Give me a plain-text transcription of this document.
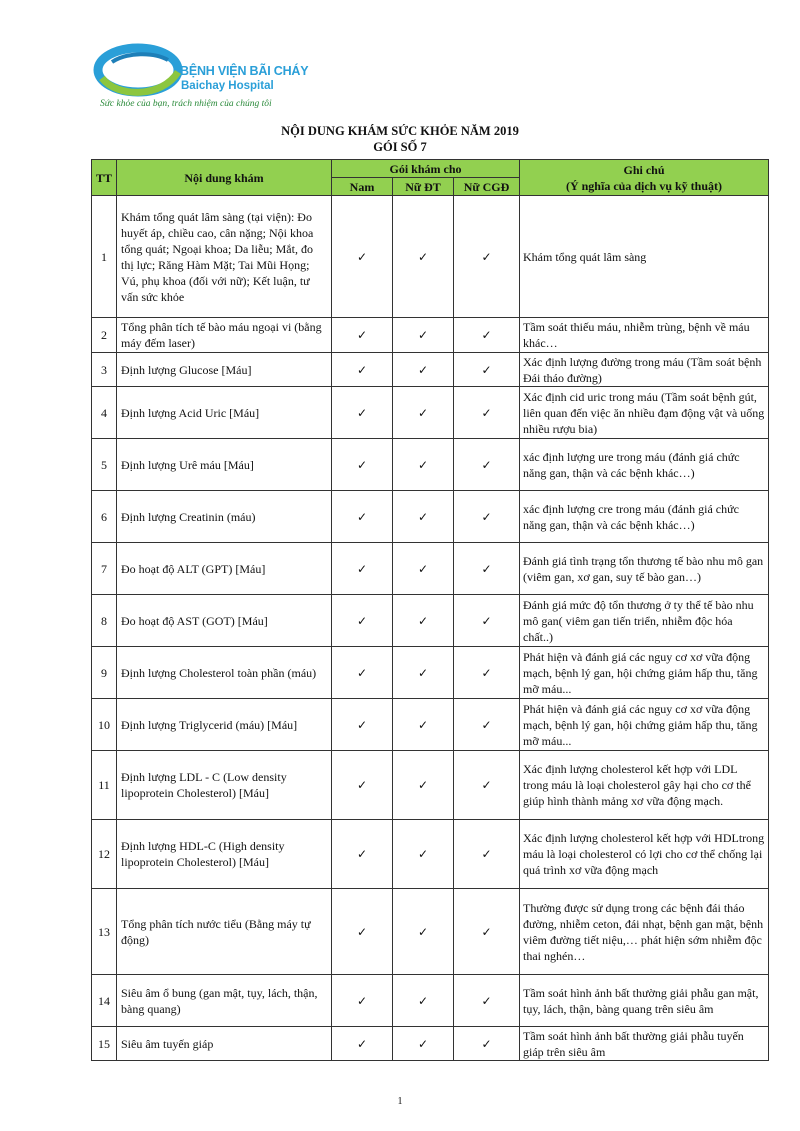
BỆNH VIỆN BÃI CHÁY
Baichay Hospital
Sức khỏe của bạn, trách nhiệm của chúng tôi
NỘI DUNG KHÁM SỨC KHỎE NĂM 2019
GÓI SỐ 7
TT	Nội dung khám	Gói khám cho			Ghi chú
(Ý nghĩa của dịch vụ kỹ thuật)

		Nam	Nữ ĐT	Nữ CGĐ	
1	Khám tổng quát lâm sàng (tại viện): Đo huyết áp, chiều cao, cân nặng; Nội khoa tổng quát; Ngoại khoa; Da liễu; Mắt, đo thị lực; Răng Hàm Mặt; Tai Mũi Họng; Vú, phụ khoa (đối với nữ); Kết luận, tư vấn sức khỏe	✓	✓	✓	Khám tổng quát lâm sàng
2	Tổng phân tích tế bào máu ngoại vi (bằng máy đếm laser)	✓	✓	✓	Tầm soát thiếu máu, nhiễm trùng, bệnh về máu khác…
3	Định lượng Glucose [Máu]	✓	✓	✓	Xác định lượng đường trong máu (Tầm soát bệnh Đái tháo đường)
4	Định lượng Acid Uric [Máu]	✓	✓	✓	Xác định cid uric trong máu (Tầm soát bệnh gút, liên quan đến việc ăn nhiều đạm động vật và uống nhiều rượu bia)
5	Định lượng Urê máu [Máu]	✓	✓	✓	xác định lượng ure trong máu (đánh giá chức năng gan, thận và các bệnh khác…)
6	Định lượng Creatinin (máu)	✓	✓	✓	xác định lượng cre trong máu (đánh giá chức năng gan, thận và các bệnh khác…)
7	Đo hoạt độ ALT (GPT) [Máu]	✓	✓	✓	Đánh giá tình trạng tổn thương tế bào nhu mô gan (viêm gan, xơ gan, suy tế bào gan…)
8	Đo hoạt độ AST (GOT) [Máu]	✓	✓	✓	Đánh giá mức độ tổn thương ở ty thể tế bào nhu mô gan( viêm gan tiến triển, nhiễm độc hóa chất..)
9	Định lượng Cholesterol toàn phần (máu)	✓	✓	✓	Phát hiện và đánh giá các nguy cơ xơ vữa động mạch, bệnh lý gan, hội chứng giảm hấp thu, tăng mỡ máu...
10	Định lượng Triglycerid (máu) [Máu]	✓	✓	✓	Phát hiện và đánh giá các nguy cơ xơ vữa động mạch, bệnh lý gan, hội chứng giảm hấp thu, tăng mỡ máu...
11	Định lượng LDL - C (Low density lipoprotein Cholesterol) [Máu]	✓	✓	✓	Xác định lượng cholesterol kết hợp với LDL trong máu là loại cholesterol gây hại cho cơ thể giúp hình thành mảng xơ vữa động mạch.
12	Định lượng HDL-C (High density lipoprotein Cholesterol) [Máu]	✓	✓	✓	Xác định lượng cholesterol kết hợp với HDLtrong máu là loại cholesterol có lợi cho cơ thể chống lại quá trình xơ vữa động mạch
13	Tổng phân tích nước tiểu (Bằng máy tự động)	✓	✓	✓	Thường được sử dụng trong các bệnh đái tháo đường, nhiễm ceton, đái nhạt, bệnh gan mật, bệnh viêm đường tiết niệu,… phát hiện sớm nhiễm độc thai nghén…
14	Siêu âm ổ bung (gan mật, tụy, lách, thận, bàng quang)	✓	✓	✓	Tầm soát hình ảnh bất thường giải phẫu gan mật, tụy, lách, thận, bàng quang trên siêu âm
15	Siêu âm tuyến giáp	✓	✓	✓	Tầm soát hình ảnh bất thường giải phẫu tuyến giáp trên siêu âm
1
